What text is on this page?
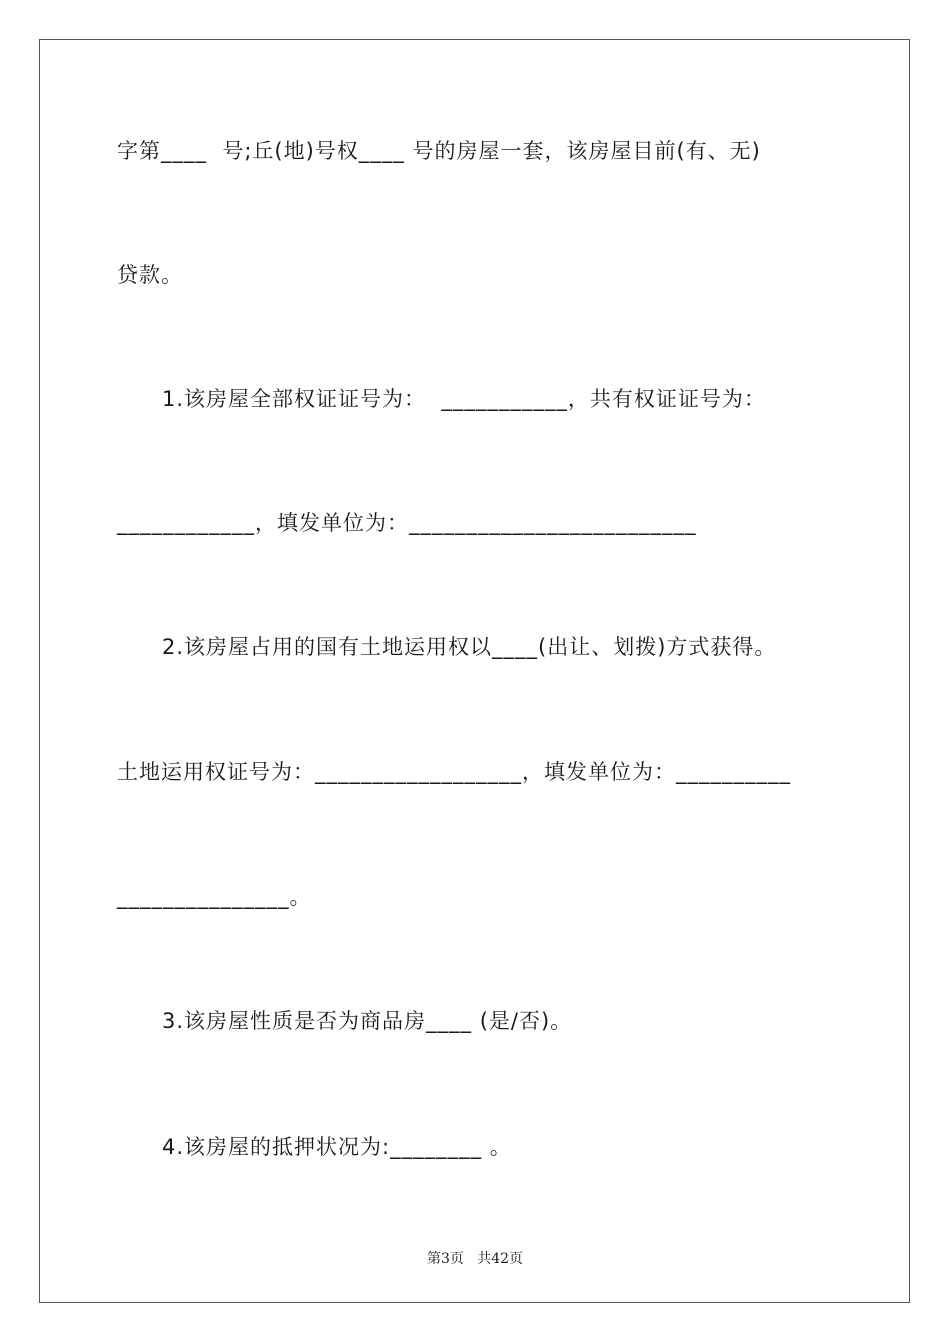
字第____  号;丘(地)号权____ 号的房屋一套，该房屋目前(有、无)
贷款。
1.该房屋全部权证证号为：  ___________，共有权证证号为：
____________，填发单位为：_________________________
2.该房屋占用的国有土地运用权以____(出让、划拨)方式获得。
土地运用权证号为：__________________，填发单位为：__________
_______________。
3.该房屋性质是否为商品房____ (是/否)。
4.该房屋的抵押状况为:________ 。
第3页   共42页
